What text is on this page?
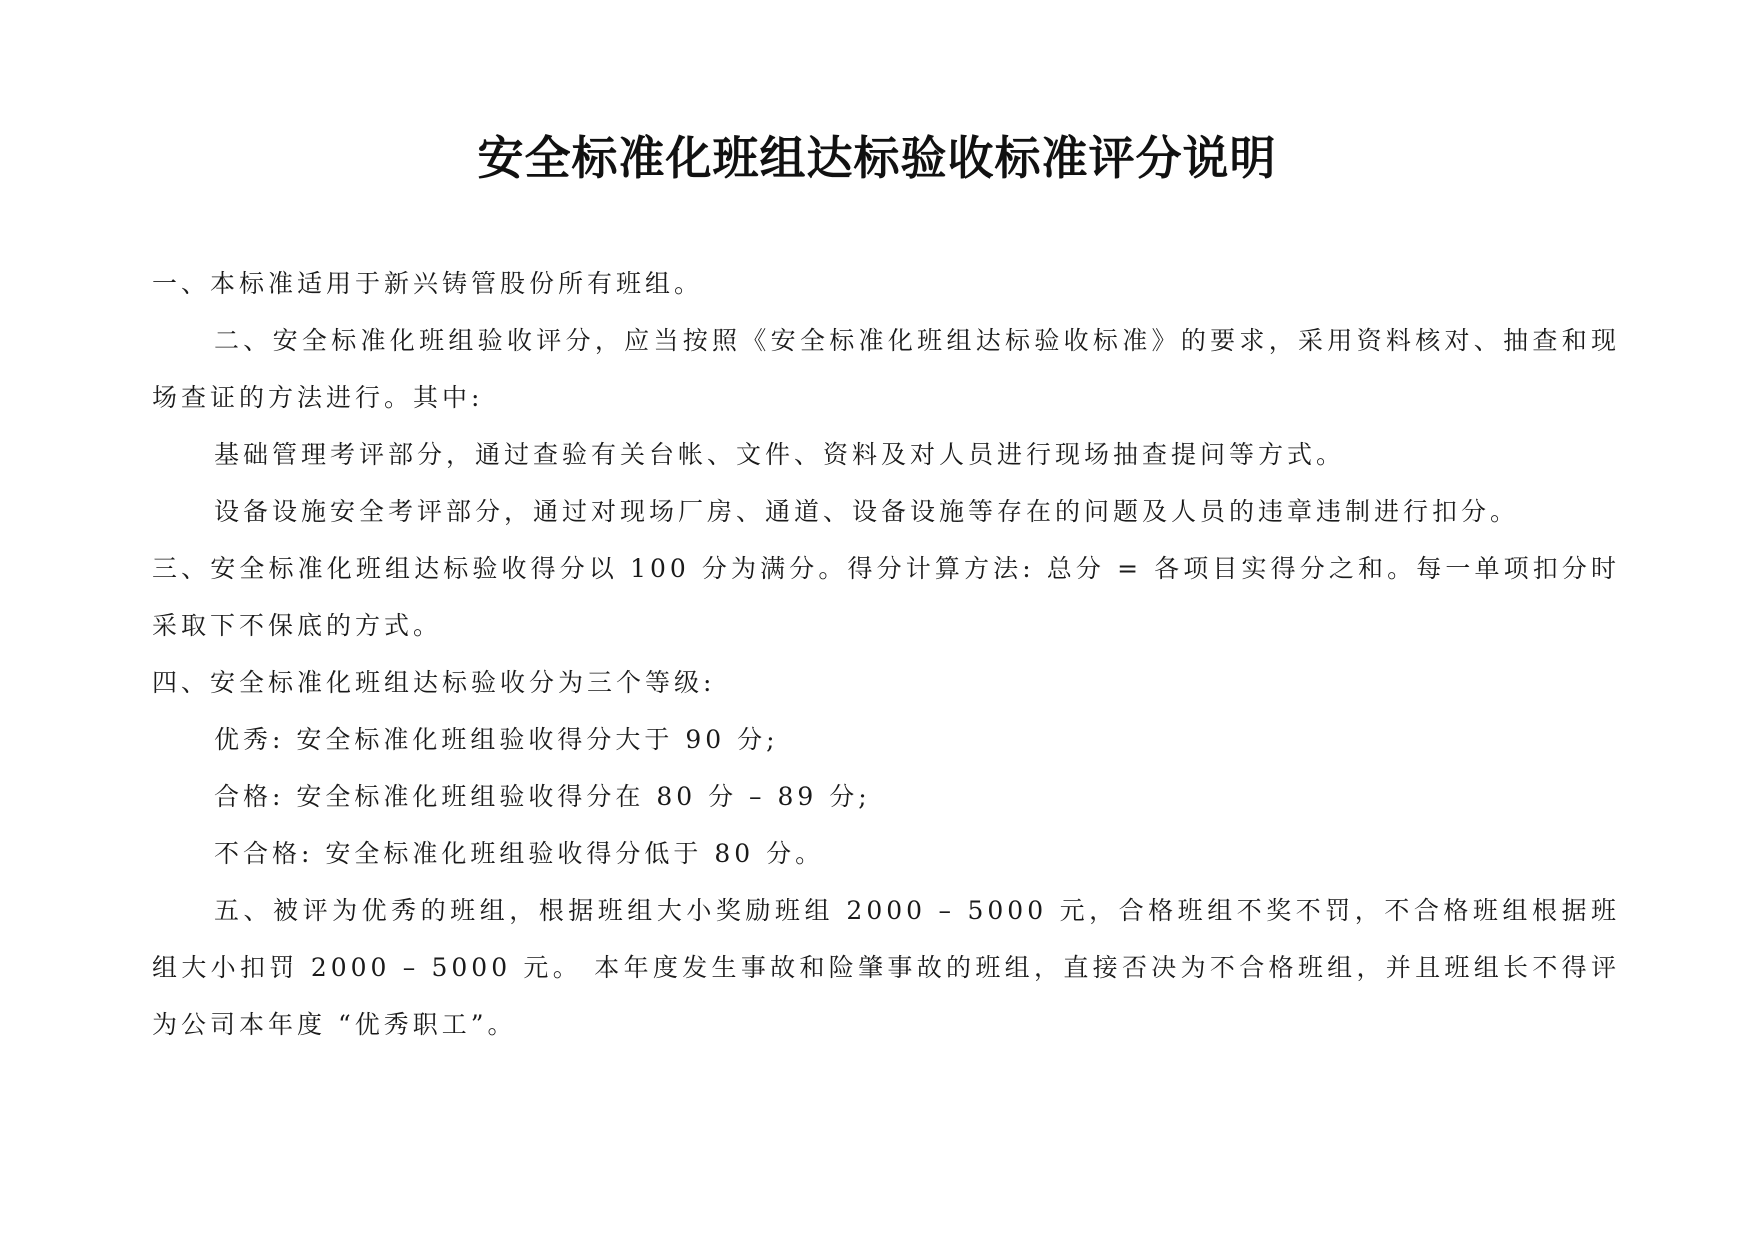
安全标准化班组达标验收标准评分说明

一、本标准适用于新兴铸管股份所有班组。

二、安全标准化班组验收评分，应当按照《安全标准化班组达标验收标准》的要求，采用资料核对、抽查和现场查证的方法进行。其中:

基础管理考评部分，通过查验有关台帐、文件、资料及对人员进行现场抽查提问等方式。

设备设施安全考评部分，通过对现场厂房、通道、设备设施等存在的问题及人员的违章违制进行扣分。

三、安全标准化班组达标验收得分以 100 分为满分。得分计算方法: 总分 = 各项目实得分之和。每一单项扣分时采取下不保底的方式。

四、安全标准化班组达标验收分为三个等级:

优秀: 安全标准化班组验收得分大于 90 分;

合格: 安全标准化班组验收得分在 80 分 – 89 分;

不合格: 安全标准化班组验收得分低于 80 分。

五、被评为优秀的班组，根据班组大小奖励班组 2000 – 5000 元，合格班组不奖不罚，不合格班组根据班组大小扣罚 2000 – 5000 元。 本年度发生事故和险肇事故的班组，直接否决为不合格班组，并且班组长不得评为公司本年度 “优秀职工”。
